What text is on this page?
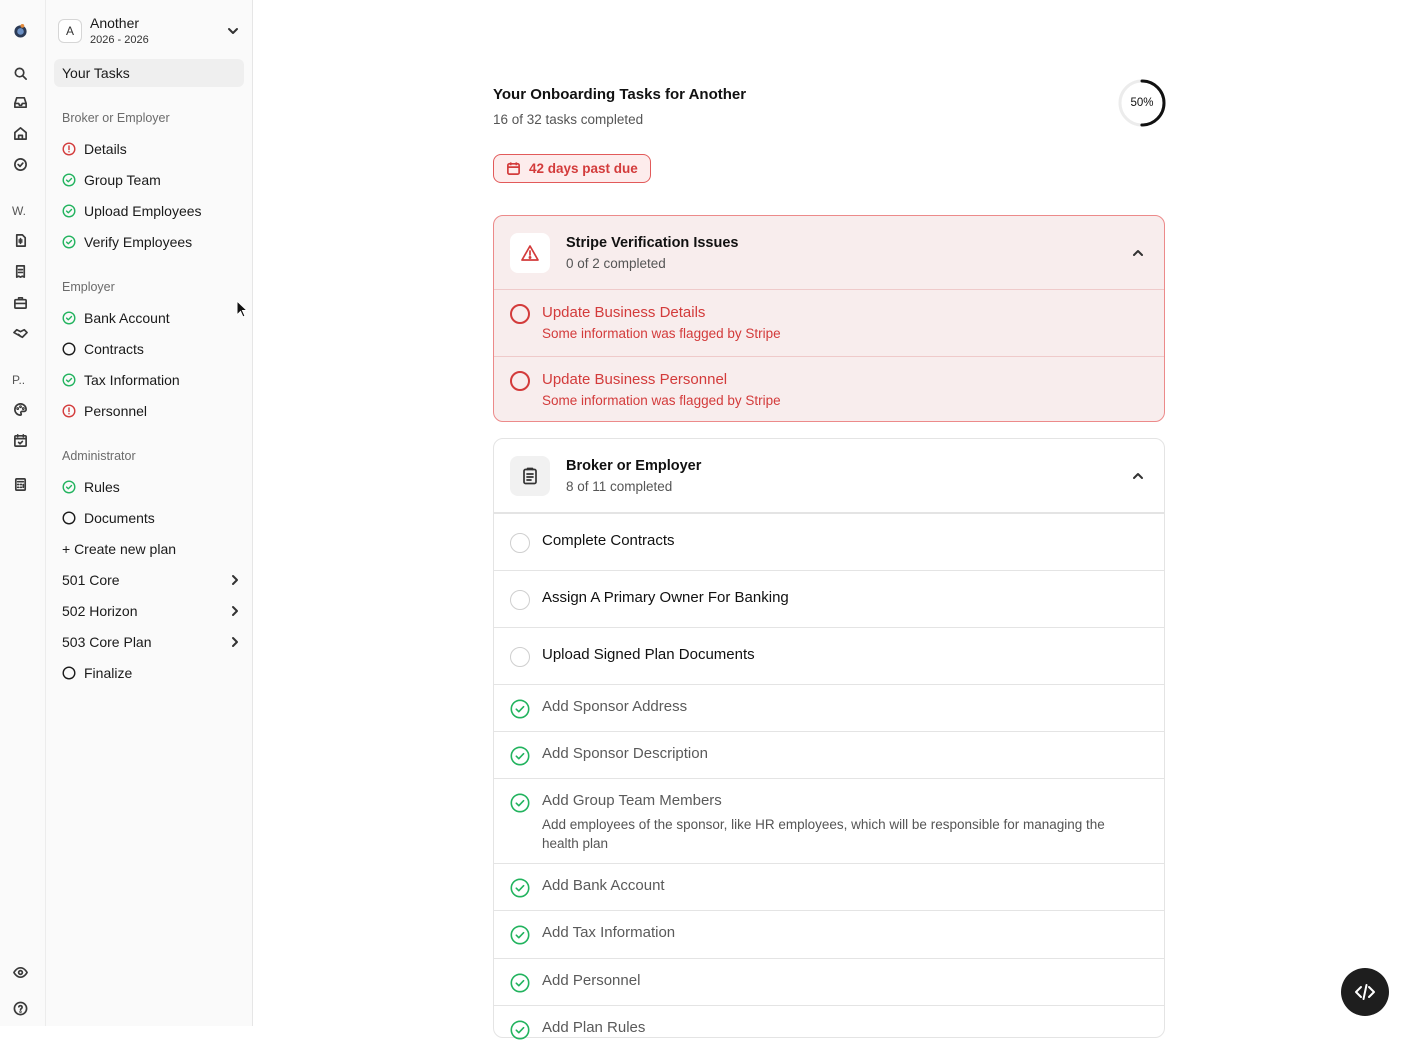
W.
P..
A	Another
2026 - 2026
Your Tasks
Broker or Employer
Details
Group Team
Upload Employees
Verify Employees
Employer
Bank Account
Contracts
Tax Information
Personnel
Administrator
Rules
Documents
+ Create new plan
501 Core
502 Horizon
503 Core Plan
Finalize
Your Onboarding Tasks for Another
16 of 32 tasks completed
50%
42 days past due
Stripe Verification Issues
0 of 2 completed
Update Business Details
Some information was flagged by Stripe
Update Business Personnel
Some information was flagged by Stripe
Broker or Employer
8 of 11 completed
Complete Contracts
Assign A Primary Owner For Banking
Upload Signed Plan Documents
Add Sponsor Address
Add Sponsor Description
Add Group Team Members
Add employees of the sponsor, like HR employees, which will be responsible for managing the health plan
Add Bank Account
Add Tax Information
Add Personnel
Add Plan Rules
